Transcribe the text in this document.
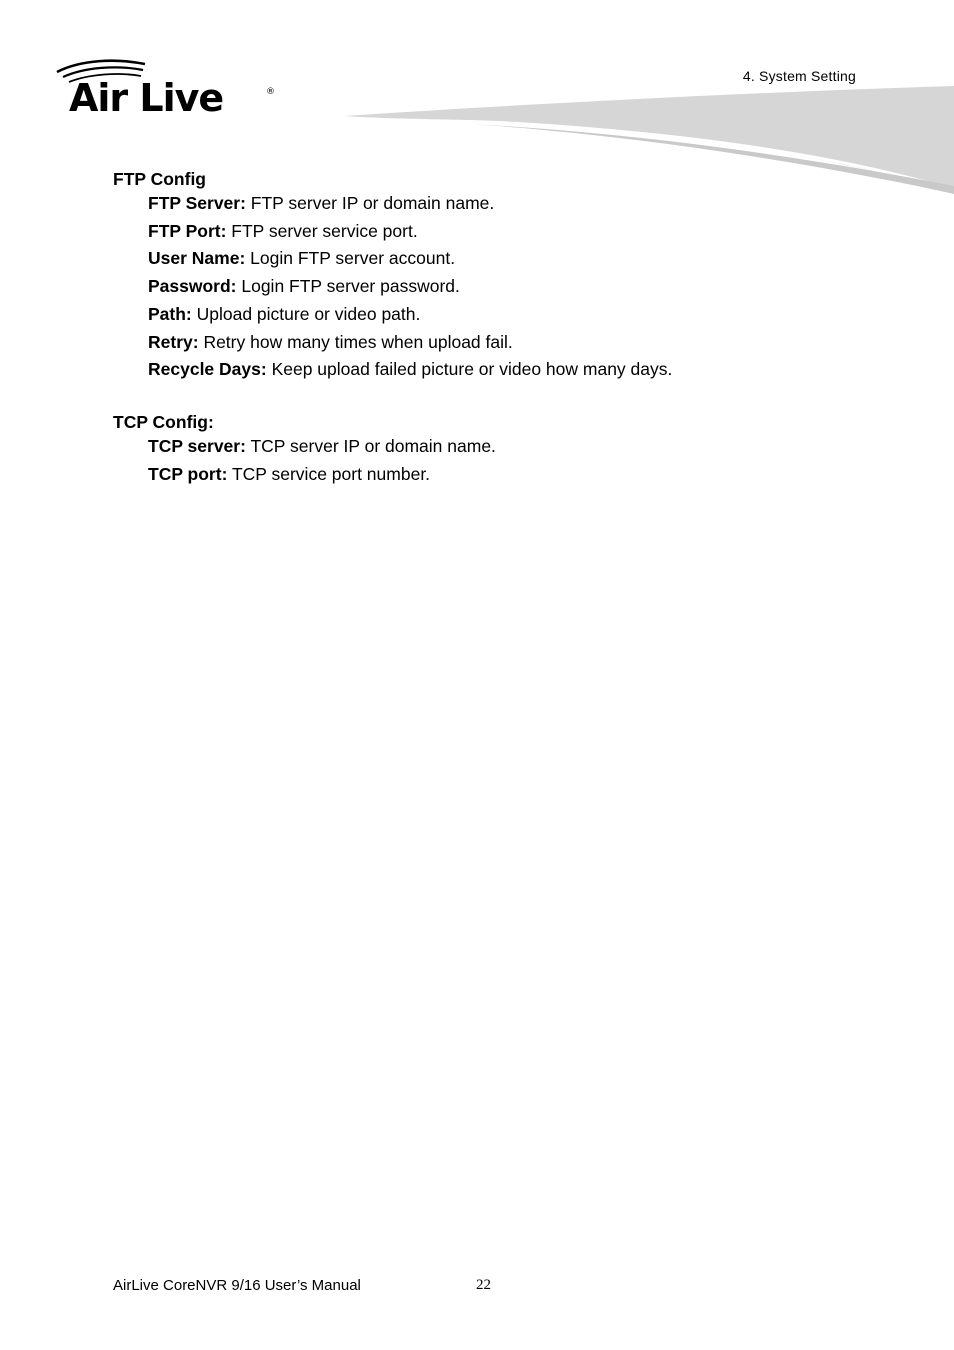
Air Live	®
4. System Setting

FTP Config

FTP Server: FTP server IP or domain name.
FTP Port: FTP server service port.
User Name: Login FTP server account.
Password: Login FTP server password.
Path: Upload picture or video path.
Retry: Retry how many times when upload fail.
Recycle Days: Keep upload failed picture or video how many days.

TCP Config:

TCP server: TCP server IP or domain name.
TCP port: TCP service port number.
AirLive CoreNVR 9/16 User’s Manual	22
